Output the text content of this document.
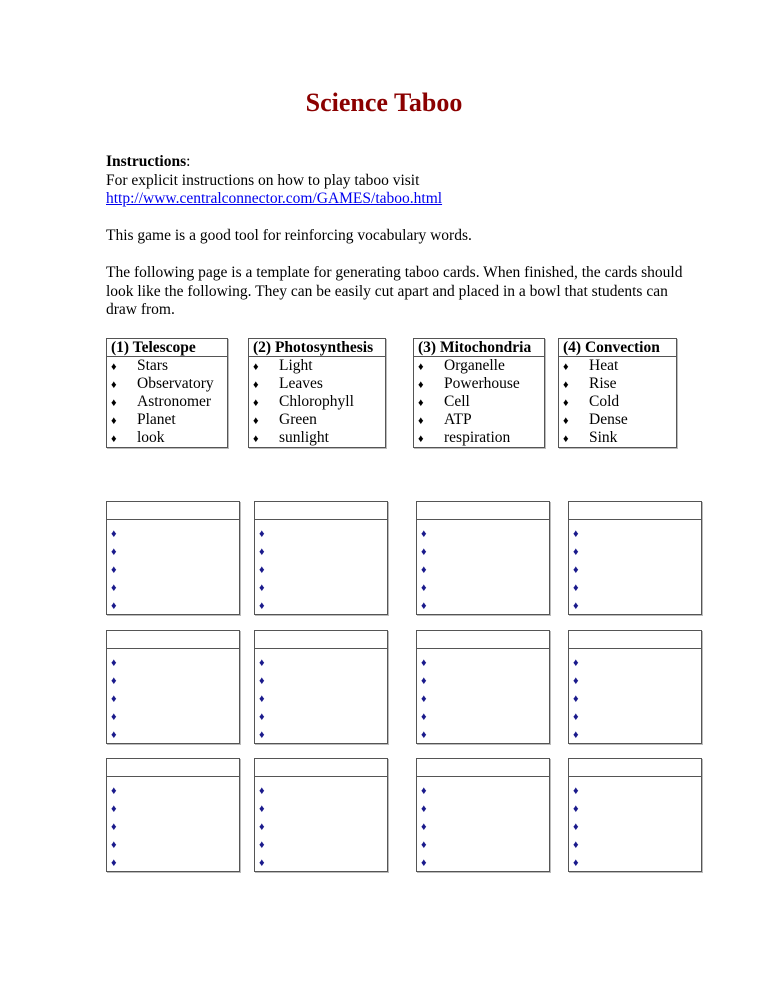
Science Taboo
Instructions:
For explicit instructions on how to play taboo visit
http://www.centralconnector.com/GAMES/taboo.html
This game is a good tool for reinforcing vocabulary words.
The following page is a template for generating taboo cards. When finished, the cards should look like the following. They can be easily cut apart and placed in a bowl that students can draw from.
(1) Telescope
♦ Stars
♦ Observatory
♦ Astronomer
♦ Planet
♦ look
(2) Photosynthesis
♦ Light
♦ Leaves
♦ Chlorophyll
♦ Green
♦ sunlight
(3) Mitochondria
♦ Organelle
♦ Powerhouse
♦ Cell
♦ ATP
♦ respiration
(4) Convection
♦ Heat
♦ Rise
♦ Cold
♦ Dense
♦ Sink
♦
♦
♦
♦
♦
♦
♦
♦
♦
♦
♦
♦
♦
♦
♦
♦
♦
♦
♦
♦
♦
♦
♦
♦
♦
♦
♦
♦
♦
♦
♦
♦
♦
♦
♦
♦
♦
♦
♦
♦
♦
♦
♦
♦
♦
♦
♦
♦
♦
♦
♦
♦
♦
♦
♦
♦
♦
♦
♦
♦
